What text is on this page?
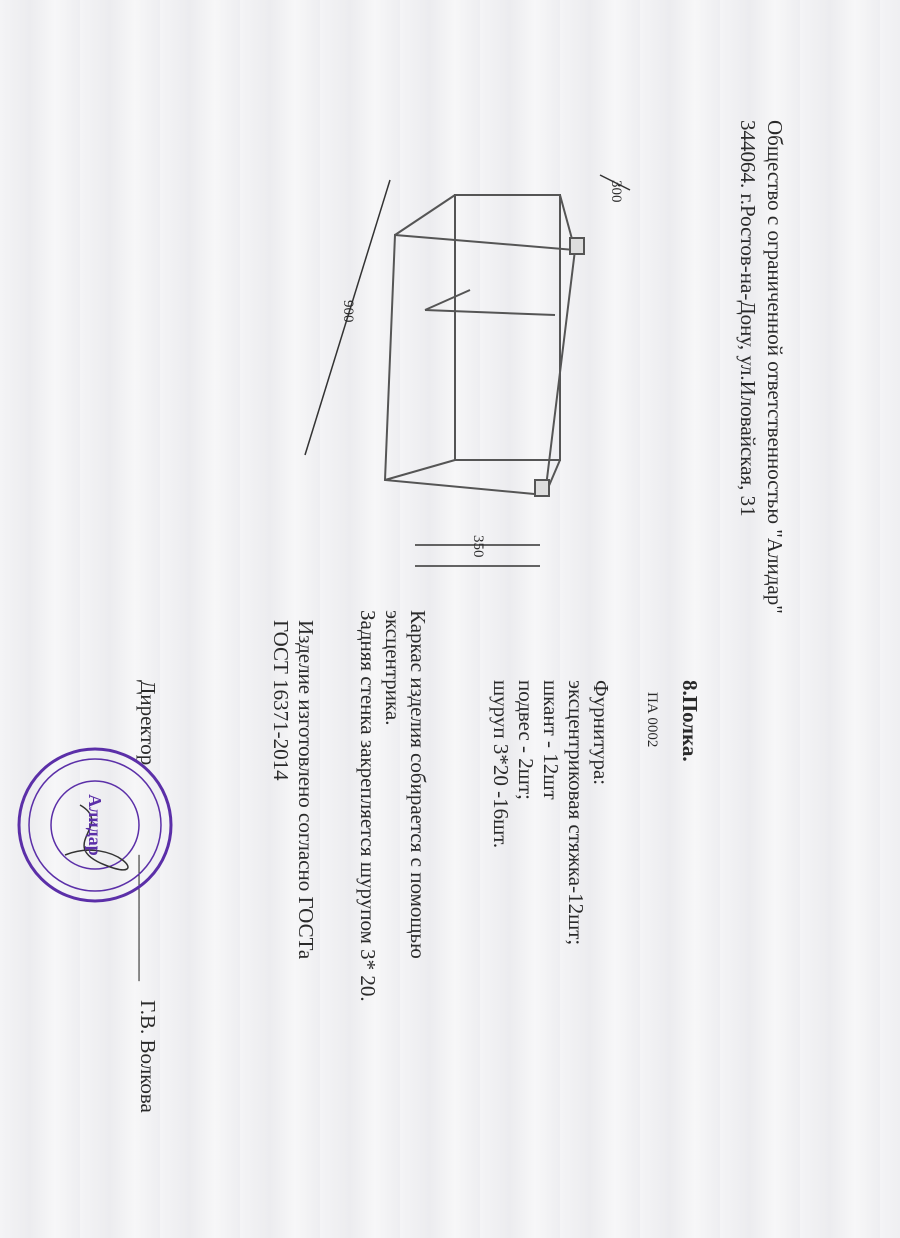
Общество с ограниченной ответственностью "Алидар"
344064. г.Ростов-на-Дону, ул.Иловайская, 31
300
900
350
8.Полка.
ПА 0002
Фурнитура:
эксцентриковая стяжка-12шт;
шкант - 12шт
подвес - 2шт;
шуруп 3*20 -16шт.
Каркас изделия собирается с помощью
эксцентрика.
Задняя стенка закрепляется шурупом 3* 20.
Изделие изготовлено согласно ГОСТа
ГОСТ 16371-2014
Директор
____________
Г.В. Волкова
Алидар
